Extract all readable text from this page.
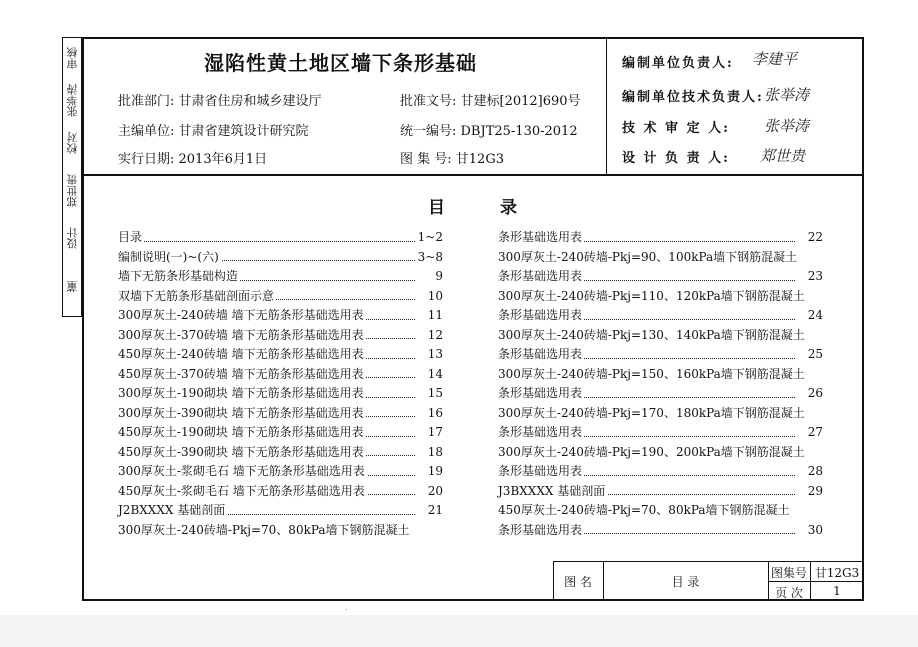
审核
张举涛
校对
郑世贵
设计
董
湿陷性黄土地区墙下条形基础
批准部门: 甘肃省住房和城乡建设厅	批准文号: 甘建标[2012]690号
主编单位: 甘肃省建筑设计研究院	统一编号: DBJT25-130-2012
实行日期: 2013年6月1日	图 集 号: 甘12G3
编制单位负责人: 李建平
编制单位技术负责人: 张举涛
技 术 审 定 人: 张举涛
设 计 负 责 人: 郑世贵
目	录
目录	1~2
编制说明(一)~(六)	3~8
墙下无筋条形基础构造	9
双墙下无筋条形基础剖面示意	10
300厚灰土-240砖墙 墙下无筋条形基础选用表	11
300厚灰土-370砖墙 墙下无筋条形基础选用表	12
450厚灰土-240砖墙 墙下无筋条形基础选用表	13
450厚灰土-370砖墙 墙下无筋条形基础选用表	14
300厚灰土-190砌块 墙下无筋条形基础选用表	15
300厚灰土-390砌块 墙下无筋条形基础选用表	16
450厚灰土-190砌块 墙下无筋条形基础选用表	17
450厚灰土-390砌块 墙下无筋条形基础选用表	18
300厚灰土-浆砌毛石 墙下无筋条形基础选用表	19
450厚灰土-浆砌毛石 墙下无筋条形基础选用表	20
J2BXXXX 基础剖面	21
300厚灰土-240砖墙-Pkj=70、80kPa墙下钢筋混凝土
条形基础选用表	22
300厚灰土-240砖墙-Pkj=90、100kPa墙下钢筋混凝土
条形基础选用表	23
300厚灰土-240砖墙-Pkj=110、120kPa墙下钢筋混凝土
条形基础选用表	24
300厚灰土-240砖墙-Pkj=130、140kPa墙下钢筋混凝土
条形基础选用表	25
300厚灰土-240砖墙-Pkj=150、160kPa墙下钢筋混凝土
条形基础选用表	26
300厚灰土-240砖墙-Pkj=170、180kPa墙下钢筋混凝土
条形基础选用表	27
300厚灰土-240砖墙-Pkj=190、200kPa墙下钢筋混凝土
条形基础选用表	28
J3BXXXX 基础剖面	29
450厚灰土-240砖墙-Pkj=70、80kPa墙下钢筋混凝土
条形基础选用表	30
图 名	目 录
图集号 甘12G3
页 次	1
